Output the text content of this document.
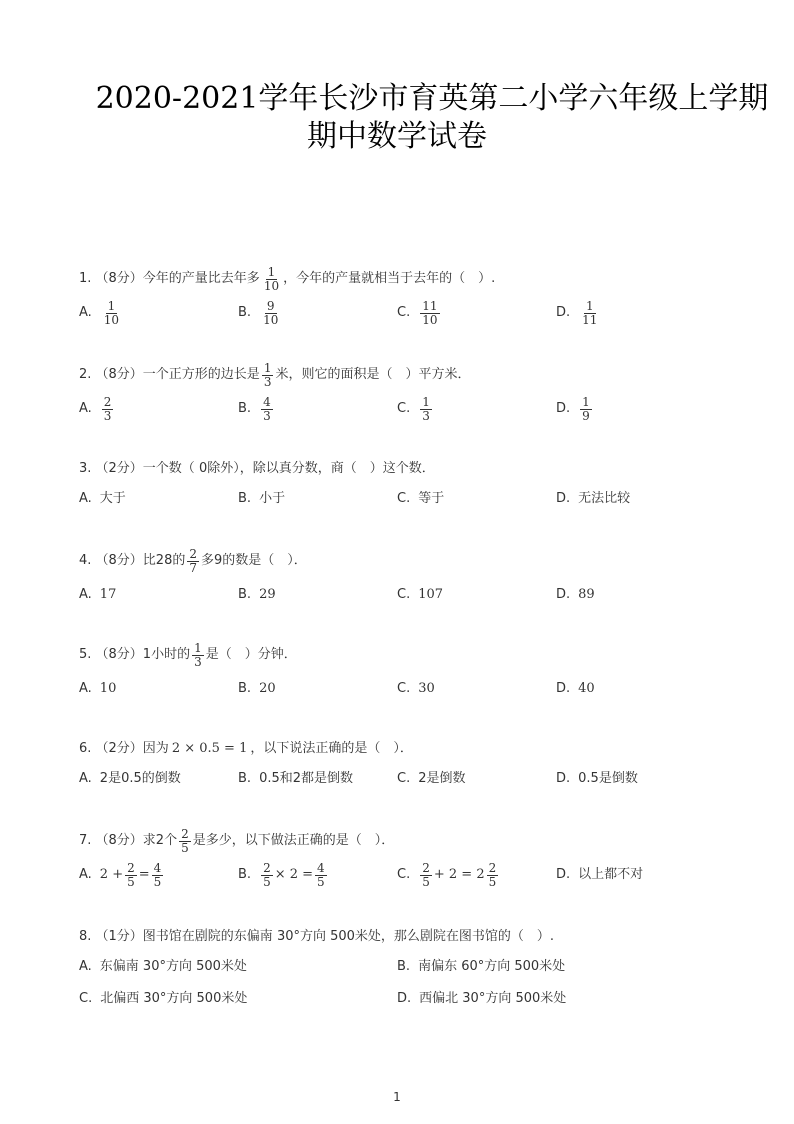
2020-2021学年长沙市育英第二小学六年级上学期
期中数学试卷
1. （8分）今年的产量比去年多 $\frac{1}{10}$ ，今年的产量就相当于去年的（　）.
A. $\frac{1}{10}$	B. $\frac{9}{10}$	C. $\frac{11}{10}$	D. $\frac{1}{11}$
2. （8分）一个正方形的边长是 $\frac{1}{3}$ 米，则它的面积是（　）平方米．
A. $\frac{2}{3}$	B. $\frac{4}{3}$	C. $\frac{1}{3}$	D. $\frac{1}{9}$
3. （2分）一个数（ 0除外），除以真分数，商（　）这个数．
A. 大于	B. 小于	C. 等于	D. 无法比较
4. （8分）比28的 $\frac{2}{7}$ 多9的数是（　）．
A. 17	B. 29	C. 107	D. 89
5. （8分）1小时的 $\frac{1}{3}$ 是（　）分钟．
A. 10	B. 20	C. 30	D. 40
6. （2分）因为 2 × 0.5 = 1 ，以下说法正确的是（　）．
A. 2是0.5的倒数	B. 0.5和2都是倒数	C. 2是倒数	D. 0.5是倒数
7. （8分）求2个 $\frac{2}{5}$ 是多少，以下做法正确的是（　）．
A. $2 + \frac{2}{5} = \frac{4}{5}$	B. $\frac{2}{5} \times 2 = \frac{4}{5}$	C. $\frac{2}{5} + 2 = 2 \frac{2}{5}$	D. 以上都不对
8. （1分）图书馆在剧院的东偏南 30°方向 500米处，那么剧院在图书馆的（　）.
A. 东偏南 30°方向 500米处	B. 南偏东 60°方向 500米处
C. 北偏西 30°方向 500米处	D. 西偏北 30°方向 500米处
1
